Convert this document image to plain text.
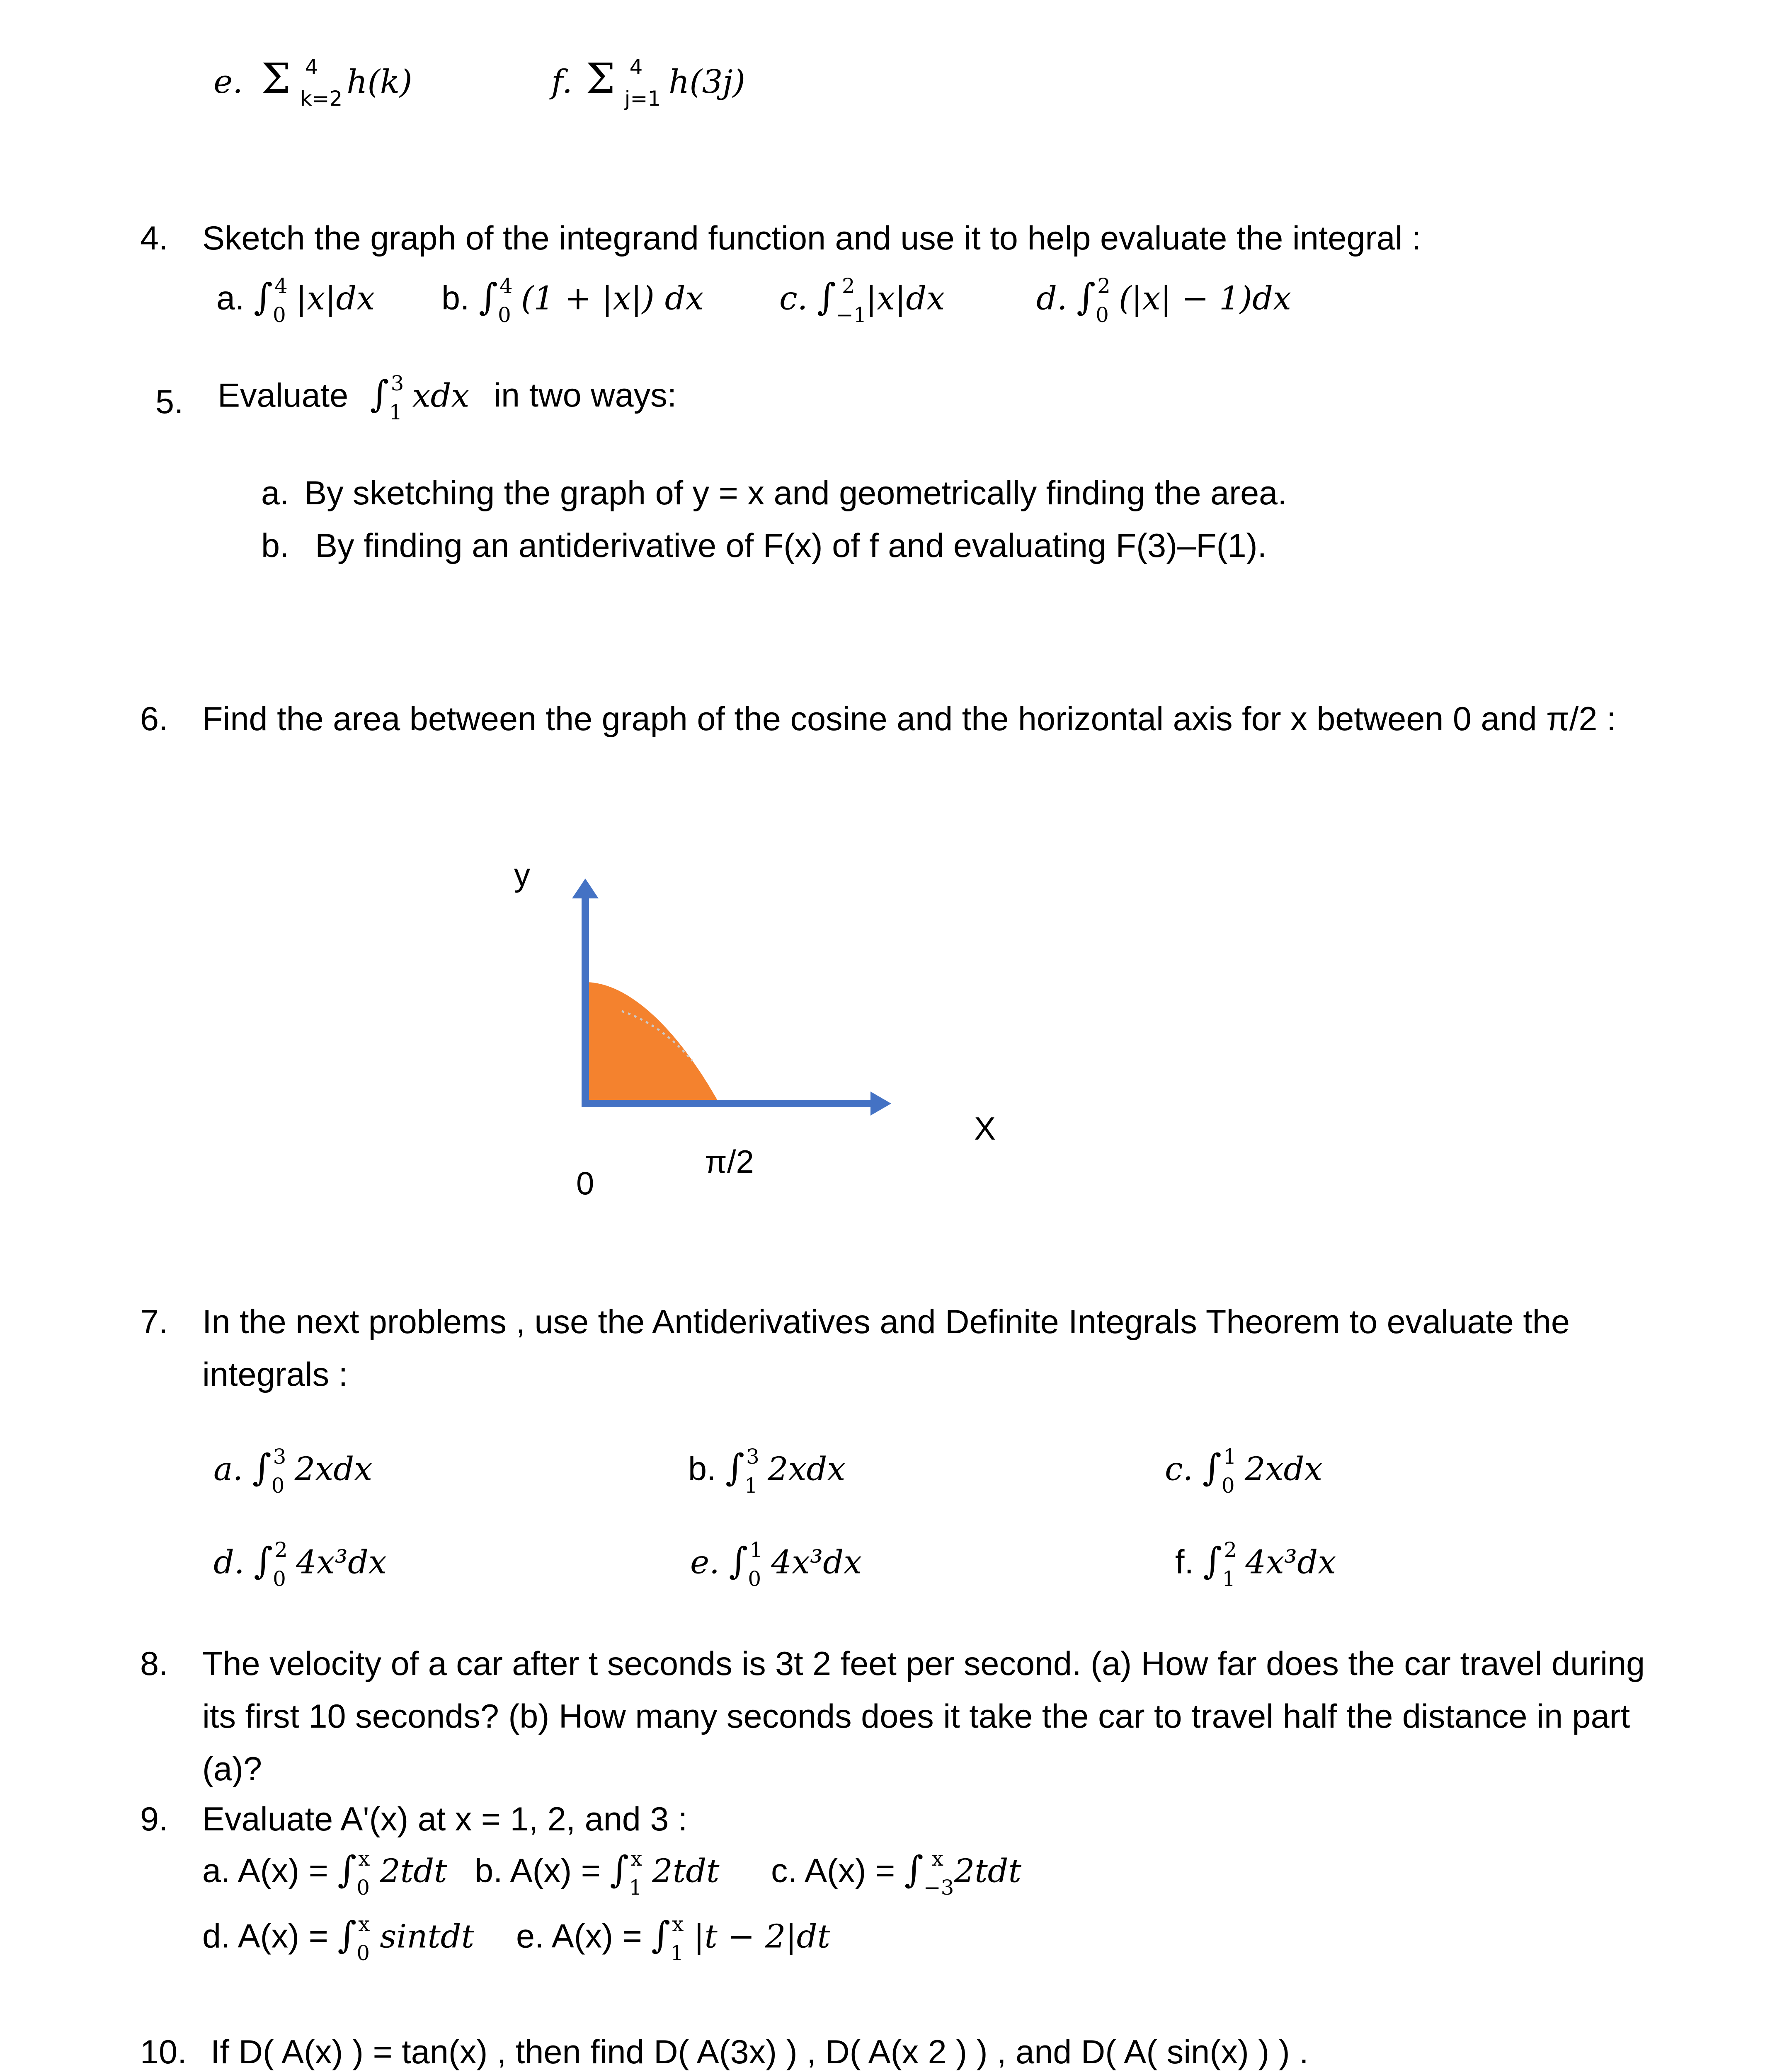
e. Σ 4
k=2 h(k)	f. Σ 4
j=1 h(3j)
4. Sketch the graph of the integrand function and use it to help evaluate the integral :
a. ∫ 4
0 |x|dx b. ∫ 4
0 (1 + |x|) dx c. ∫ 2
−1
|x|dx	d. ∫ 2
0 (|x| − 1)dx
5. Evaluate ∫ 3
1 xdx in two ways:
a. By sketching the graph of y = x and geometrically finding the area.
b. By finding an antiderivative of F(x) of f and evaluating F(3)–F(1).
6. Find the area between the graph of the cosine and the horizontal axis for x between 0 and π/2 :
y
X
0
π/2
7. In the next problems , use the Antiderivatives and Definite Integrals Theorem to evaluate the
integrals :
a. ∫ 3
0 2xdx	b. ∫ 3
1 2xdx	c. ∫ 1
0 2xdx
d. ∫ 2
0 4x³dx	e. ∫ 1
0 4x³dx	f. ∫ 2
1 4x³dx
8. The velocity of a car after t seconds is 3t 2 feet per second. (a) How far does the car travel during
its first 10 seconds? (b) How many seconds does it take the car to travel half the distance in part
(a)?
9. Evaluate A'(x) at x = 1, 2, and 3 :
a. A(x) = ∫ x
0 2tdt b. A(x) = ∫ x
1 2tdt c. A(x) = ∫ x
−3 2tdt
d. A(x) = ∫ x
0 sintdt e. A(x) = ∫ x
1 |t − 2|dt
10. If D( A(x) ) = tan(x) , then find D( A(3x) ) , D( A(x 2 ) ) , and D( A( sin(x) ) ) .
